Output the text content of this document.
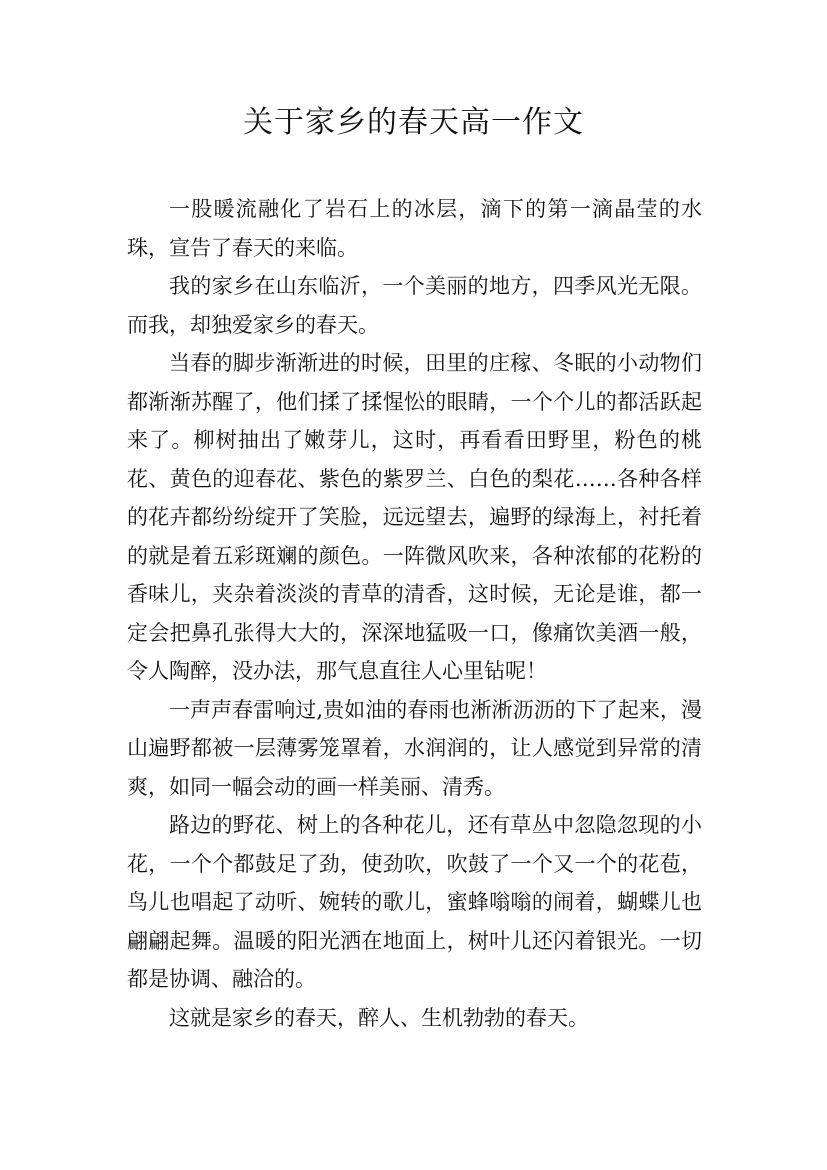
关于家乡的春天高一作文

一股暖流融化了岩石上的冰层，滴下的第一滴晶莹的水珠，宣告了春天的来临。

我的家乡在山东临沂，一个美丽的地方，四季风光无限。而我，却独爱家乡的春天。

当春的脚步渐渐进的时候，田里的庄稼、冬眠的小动物们都渐渐苏醒了，他们揉了揉惺忪的眼睛，一个个儿的都活跃起来了。柳树抽出了嫩芽儿，这时，再看看田野里，粉色的桃花、黄色的迎春花、紫色的紫罗兰、白色的梨花……各种各样的花卉都纷纷绽开了笑脸，远远望去，遍野的绿海上，衬托着的就是着五彩斑斓的颜色。一阵微风吹来，各种浓郁的花粉的香味儿，夹杂着淡淡的青草的清香，这时候，无论是谁，都一定会把鼻孔张得大大的，深深地猛吸一口，像痛饮美酒一般，令人陶醉，没办法，那气息直往人心里钻呢！

一声声春雷响过,贵如油的春雨也淅淅沥沥的下了起来，漫山遍野都被一层薄雾笼罩着，水润润的，让人感觉到异常的清爽，如同一幅会动的画一样美丽、清秀。

路边的野花、树上的各种花儿，还有草丛中忽隐忽现的小花，一个个都鼓足了劲，使劲吹，吹鼓了一个又一个的花苞，鸟儿也唱起了动听、婉转的歌儿，蜜蜂嗡嗡的闹着，蝴蝶儿也翩翩起舞。温暖的阳光洒在地面上，树叶儿还闪着银光。一切都是协调、融洽的。

这就是家乡的春天，醉人、生机勃勃的春天。
